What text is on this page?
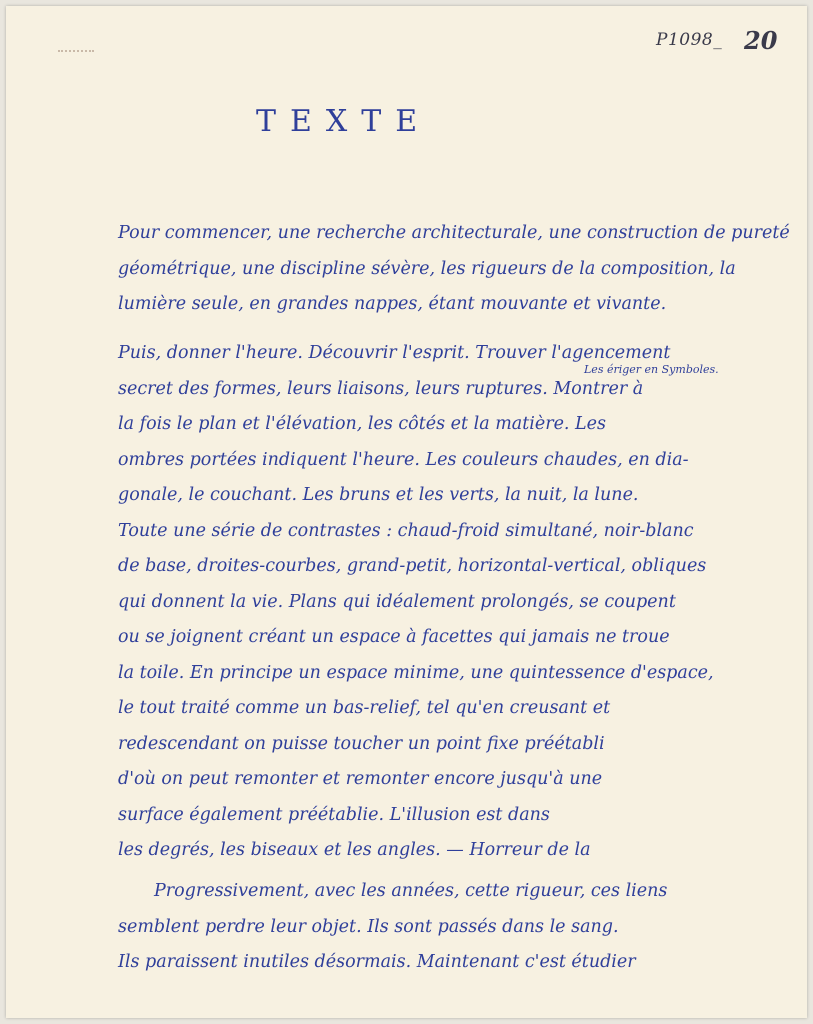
P1098_ 20
TEXTE
Les ériger en Symboles.
Pour commencer, une recherche architecturale, une construction de pureté
géométrique, une discipline sévère, les rigueurs de la composition, la
lumière seule, en grandes nappes, étant mouvante et vivante.
Puis, donner l'heure. Découvrir l'esprit. Trouver l'agencement
secret des formes, leurs liaisons, leurs ruptures. Montrer à
la fois le plan et l'élévation, les côtés et la matière. Les
ombres portées indiquent l'heure. Les couleurs chaudes, en dia-
gonale, le couchant. Les bruns et les verts, la nuit, la lune.
Toute une série de contrastes : chaud-froid simultané, noir-blanc
de base, droites-courbes, grand-petit, horizontal-vertical, obliques
qui donnent la vie. Plans qui idéalement prolongés, se coupent
ou se joignent créant un espace à facettes qui jamais ne troue
la toile. En principe un espace minime, une quintessence d'espace,
le tout traité comme un bas-relief, tel qu'en creusant et
redescendant on puisse toucher un point fixe préétabli
d'où on peut remonter et remonter encore jusqu'à une
surface également préétablie. L'illusion est dans
les degrés, les biseaux et les angles. — Horreur de la
Progressivement, avec les années, cette rigueur, ces liens
semblent perdre leur objet. Ils sont passés dans le sang.
Ils paraissent inutiles désormais. Maintenant c'est étudier
